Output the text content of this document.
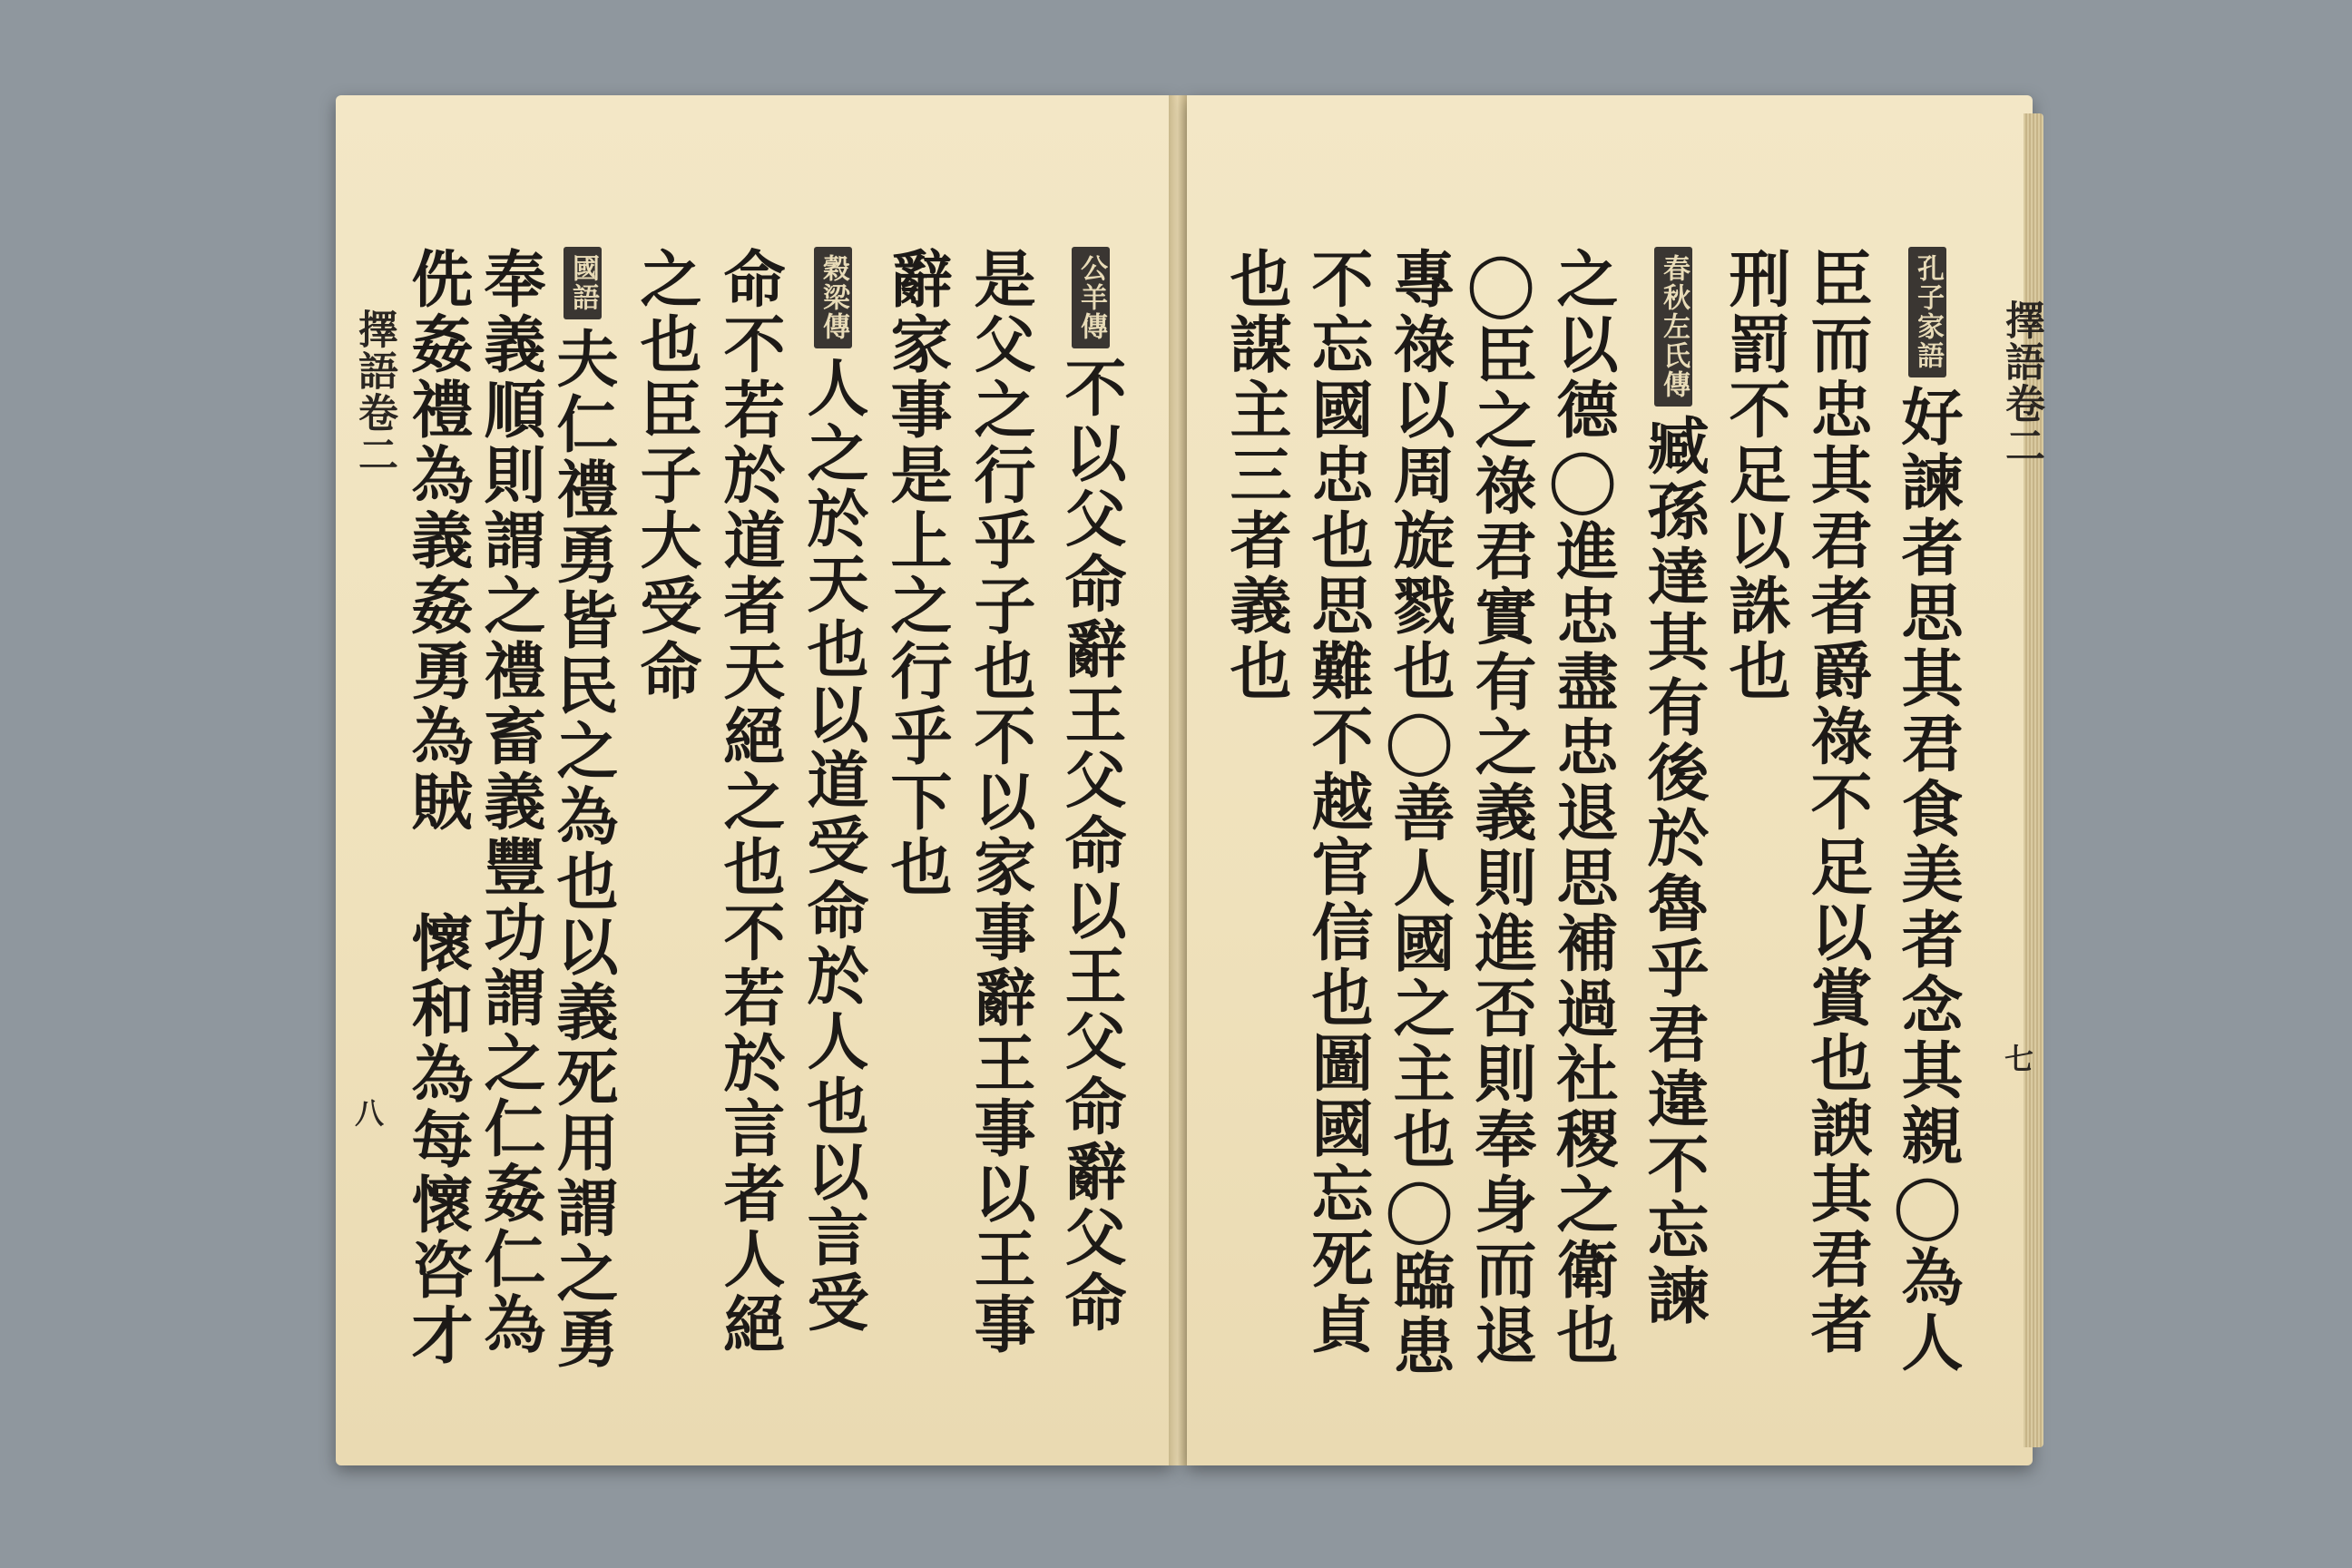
擇語卷二
八
擇語卷二
七
侁姦禮為義姦勇為賊 懷和為每懷咨才 奉義順則謂之禮畜義豐功謂之仁姦仁為 國語夫仁禮勇皆民之為也以義死用謂之勇 之也臣子大受命 命不若於道者天絕之也不若於言者人絕	穀梁傳人之於天也以道受命於人也以言受 辭家事是上之行乎下也 是父之行乎子也不以家事辭王事以王事	公羊傳不以父命辭王父命以王父命辭父命 也謀主三者義也 不忘國忠也思難不越官信也圖國忘死貞 專祿以周旋戮也◯善人國之主也◯臨患 ◯臣之祿君實有之義則進否則奉身而退 之以德◯進忠盡忠退思補過社稷之衛也	春秋左氏傳臧孫達其有後於魯乎君違不忘諫 刑罰不足以誅也 臣而忠其君者爵祿不足以賞也諛其君者	孔子家語好諫者思其君食美者念其親◯為人
